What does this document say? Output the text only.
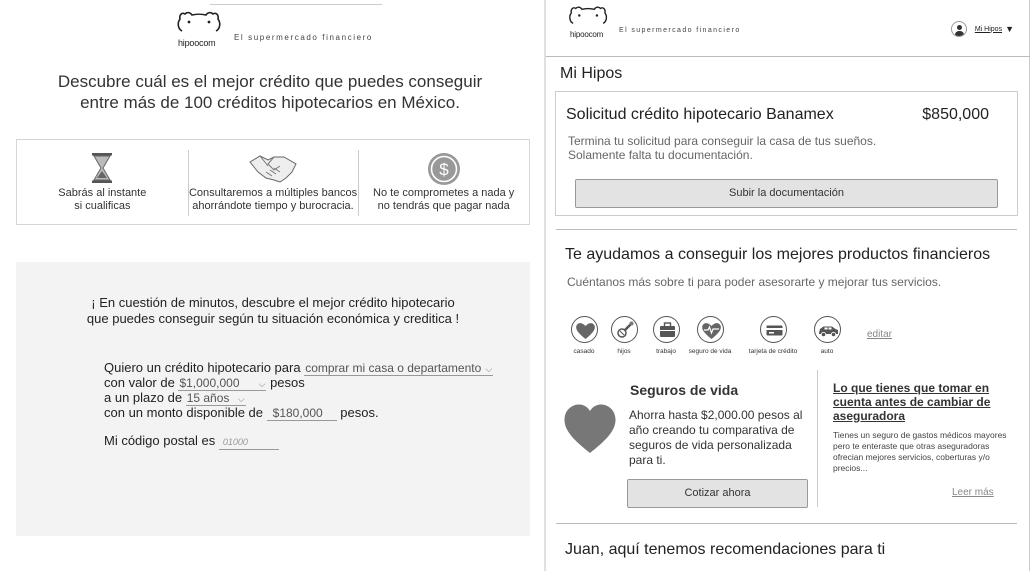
hipoocom
El supermercado financiero
Descubre cuál es el mejor crédito que puedes conseguir
entre más de 100 créditos hipotecarios en México.
Sabrás al instante
si cualificas
Consultaremos a múltiples bancos
ahorrándote tiempo y burocracia.
$
No te comprometes a nada y
no tendrás que pagar nada
¡ En cuestión de minutos, descubre el mejor crédito hipotecario
que puedes conseguir según tu situación económica y creditica !
Quiero un crédito hipotecario para comprar mi casa o departamento ⌵
con valor de $1,000,000 ⌵ pesos
a un plazo de 15 años ⌵
con un monto disponible de $180,000 pesos.
Mi código postal es 01000
hipoocom El supermercado financiero	Mi Hipos ▼
Mi Hipos
Solicitud crédito hipotecario Banamex	$850,000
Termina tu solicitud para conseguir la casa de tus sueños.
Solamente falta tu documentación.
Subir la documentación
Te ayudamos a conseguir los mejores productos financieros
Cuéntanos más sobre ti para poder asesorarte y mejorar tus servicios.
casado	hijos	trabajo seguro de vida	tarjeta de crédito	auto
editar
Seguros de vida
Ahorra hasta $2,000.00 pesos al año creando tu comparativa de seguros de vida personalizada para ti.
Cotizar ahora
Lo que tienes que tomar en cuenta antes de cambiar de aseguradora
Tienes un seguro de gastos médicos mayores pero te enteraste que otras aseguradoras ofrecian mejores servicios, coberturas y/o precios...
Leer más
Juan, aquí tenemos recomendaciones para ti
